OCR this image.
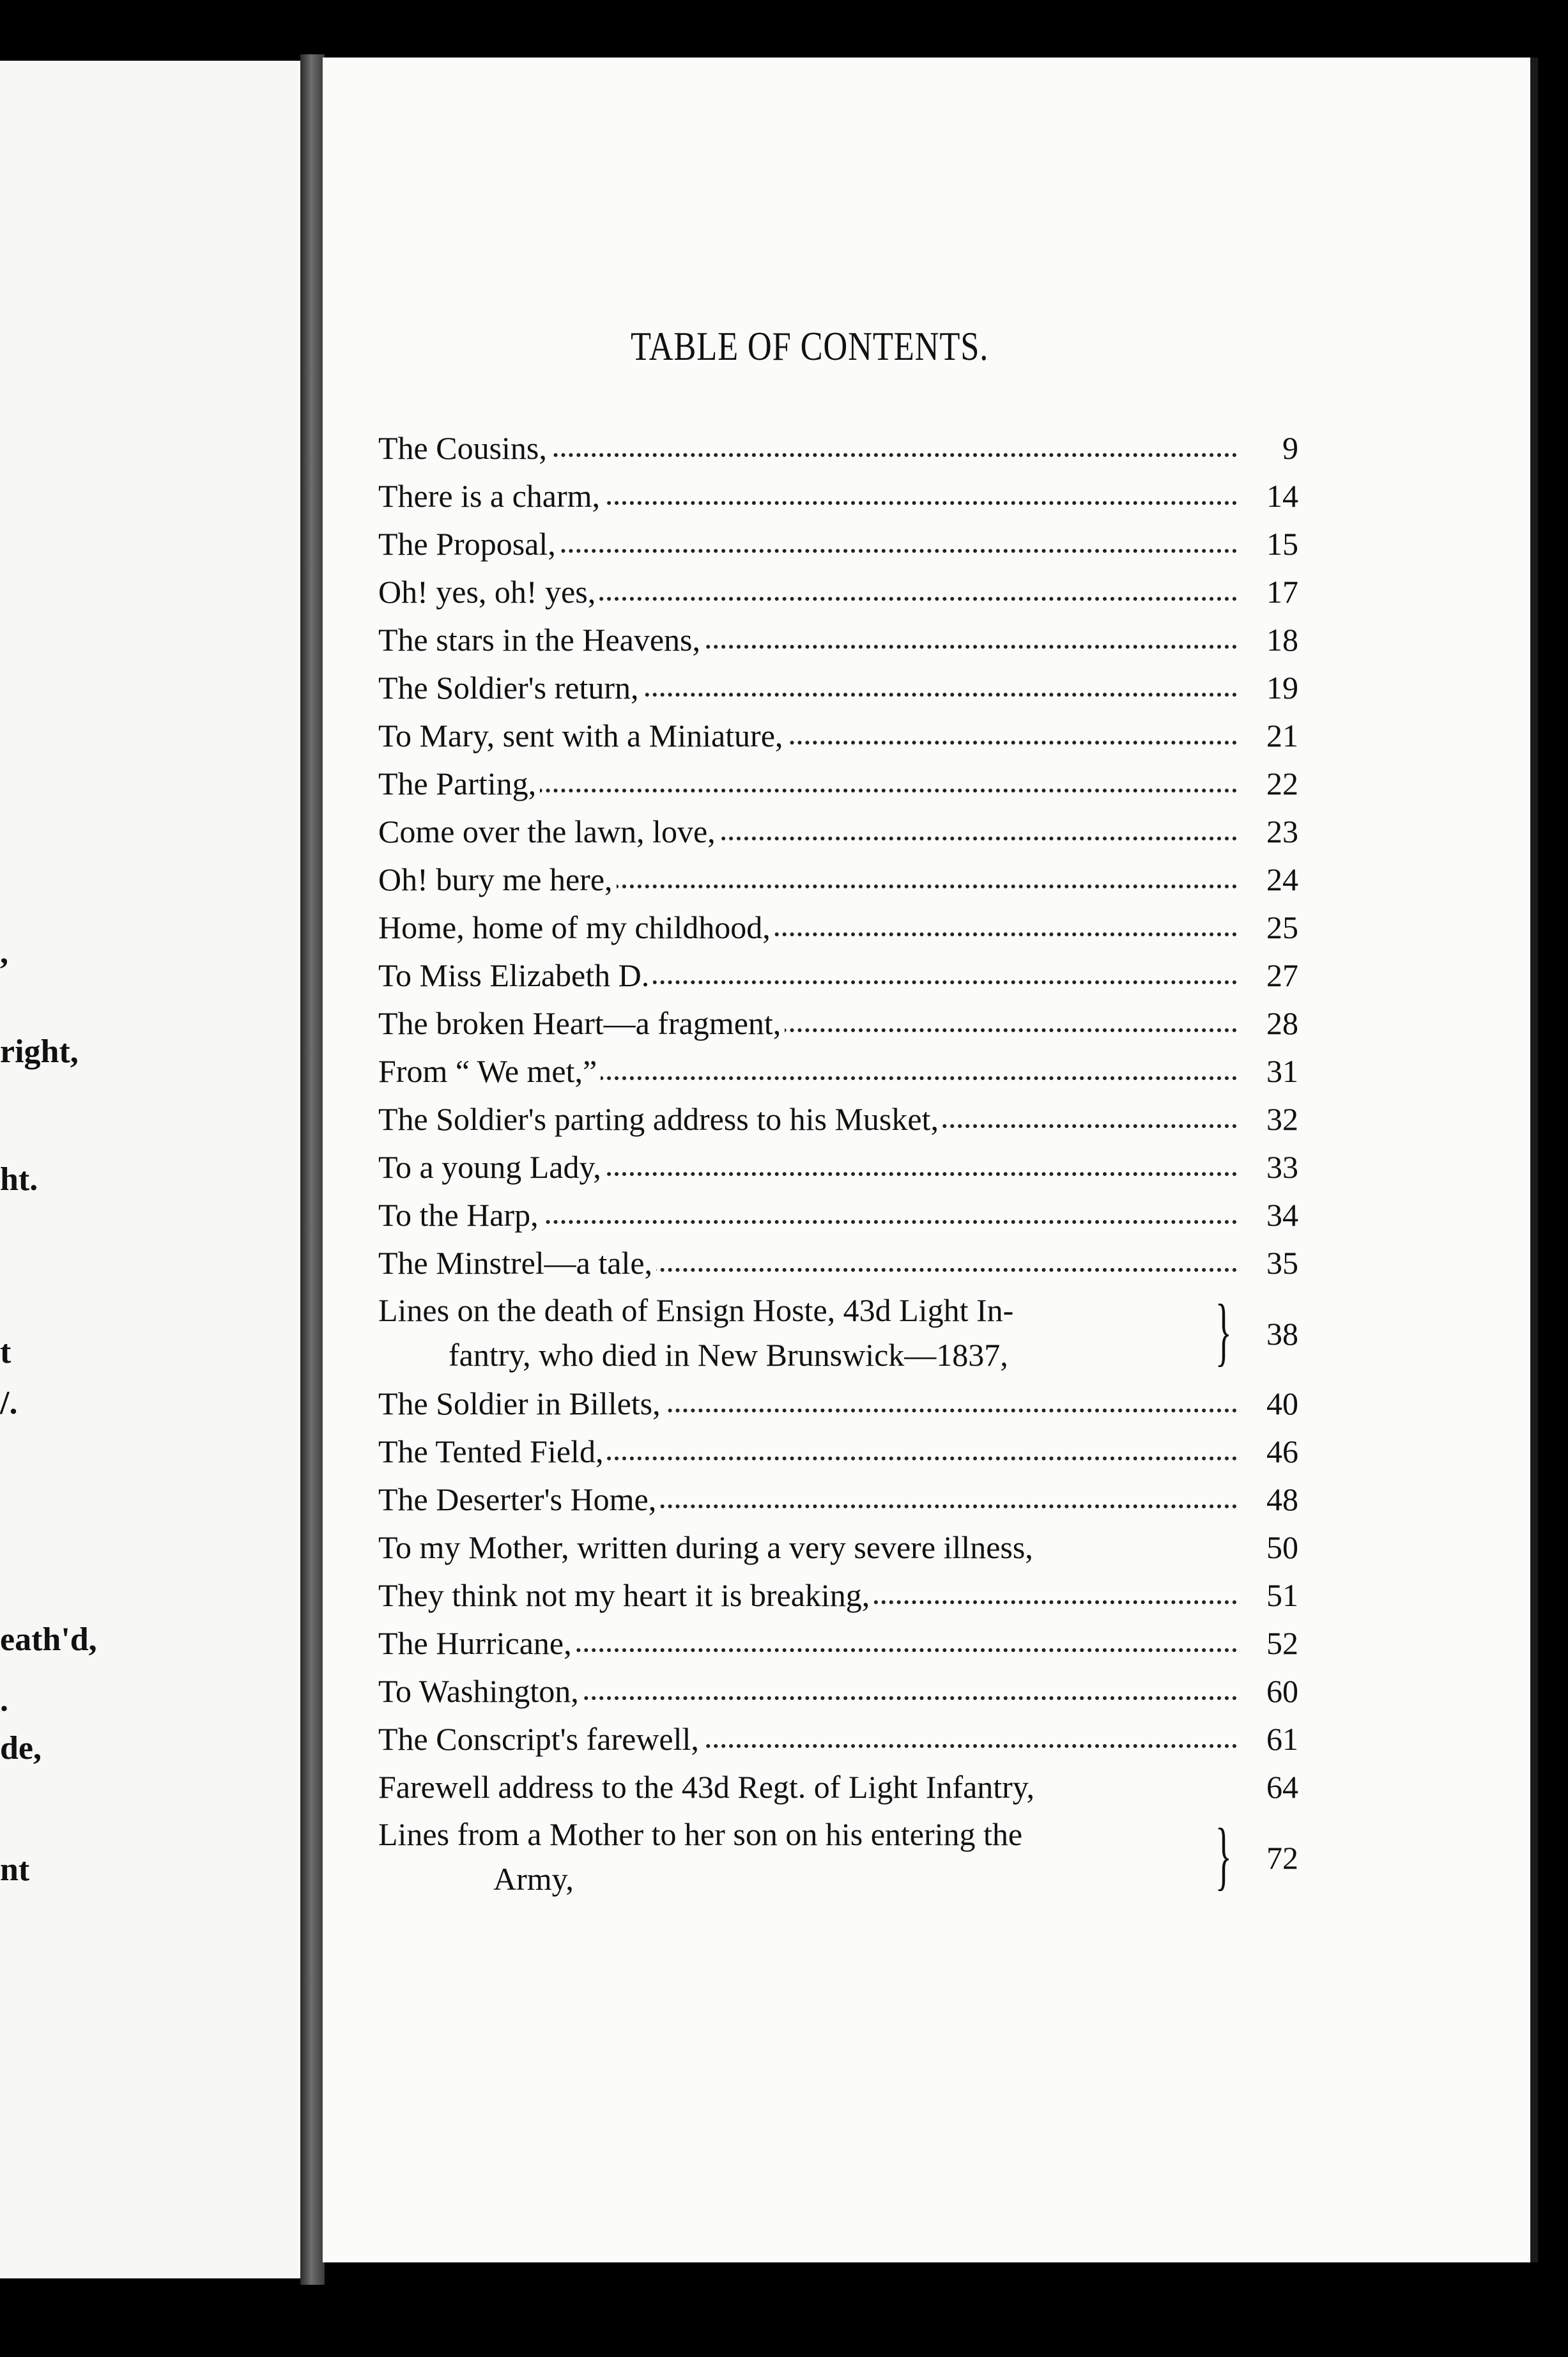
,
right,
ht.
t
/.
eath'd,
.
de,
nt
TABLE OF CONTENTS.
The Cousins,	9
There is a charm,	14
The Proposal,	15
Oh! yes, oh! yes,	17
The stars in the Heavens,	18
The Soldier's return,	19
To Mary, sent with a Miniature,	21
The Parting,	22
Come over the lawn, love,	23
Oh! bury me here,	24
Home, home of my childhood,	25
To Miss Elizabeth D.	27
The broken Heart—a fragment,	28
From “ We met,”	31
The Soldier's parting address to his Musket,	32
To a young Lady,	33
To the Harp,	34
The Minstrel—a tale,	35
Lines on the death of Ensign Hoste, 43d Light In-
fantry, who died in New Brunswick—1837,	}	38
The Soldier in Billets,	40
The Tented Field,	46
The Deserter's Home,	48
To my Mother, written during a very severe illness,	50
They think not my heart it is breaking,	51
The Hurricane,	52
To Washington,	60
The Conscript's farewell,	61
Farewell address to the 43d Regt. of Light Infantry,	64
Lines from a Mother to her son on his entering the
Army,	}	72
